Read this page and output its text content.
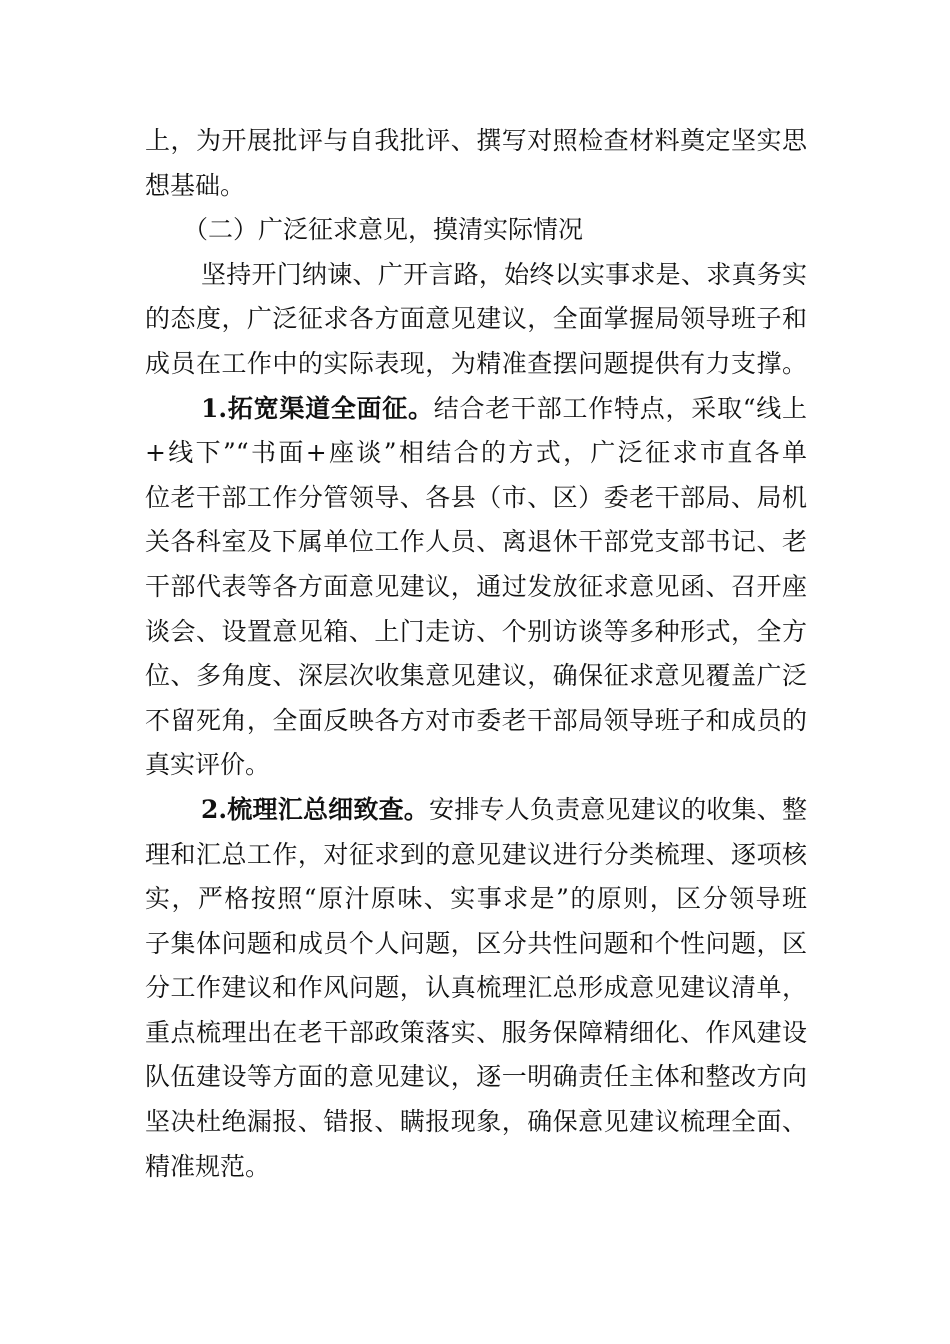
上，为开展批评与自我批评、撰写对照检查材料奠定坚实思
想基础。
（二）广泛征求意见，摸清实际情况
坚持开门纳谏、广开言路，始终以实事求是、求真务实
的态度，广泛征求各方面意见建议，全面掌握局领导班子和
成员在工作中的实际表现，为精准查摆问题提供有力支撑。
1.拓宽渠道全面征。结合老干部工作特点，采取“线上
+线下”“书面+座谈”相结合的方式，广泛征求市直各单
位老干部工作分管领导、各县（市、区）委老干部局、局机
关各科室及下属单位工作人员、离退休干部党支部书记、老
干部代表等各方面意见建议，通过发放征求意见函、召开座
谈会、设置意见箱、上门走访、个别访谈等多种形式，全方
位、多角度、深层次收集意见建议，确保征求意见覆盖广泛
不留死角，全面反映各方对市委老干部局领导班子和成员的
真实评价。
2.梳理汇总细致查。安排专人负责意见建议的收集、整
理和汇总工作，对征求到的意见建议进行分类梳理、逐项核
实，严格按照“原汁原味、实事求是”的原则，区分领导班
子集体问题和成员个人问题，区分共性问题和个性问题，区
分工作建议和作风问题，认真梳理汇总形成意见建议清单，
重点梳理出在老干部政策落实、服务保障精细化、作风建设
队伍建设等方面的意见建议，逐一明确责任主体和整改方向
坚决杜绝漏报、错报、瞒报现象，确保意见建议梳理全面、
精准规范。
